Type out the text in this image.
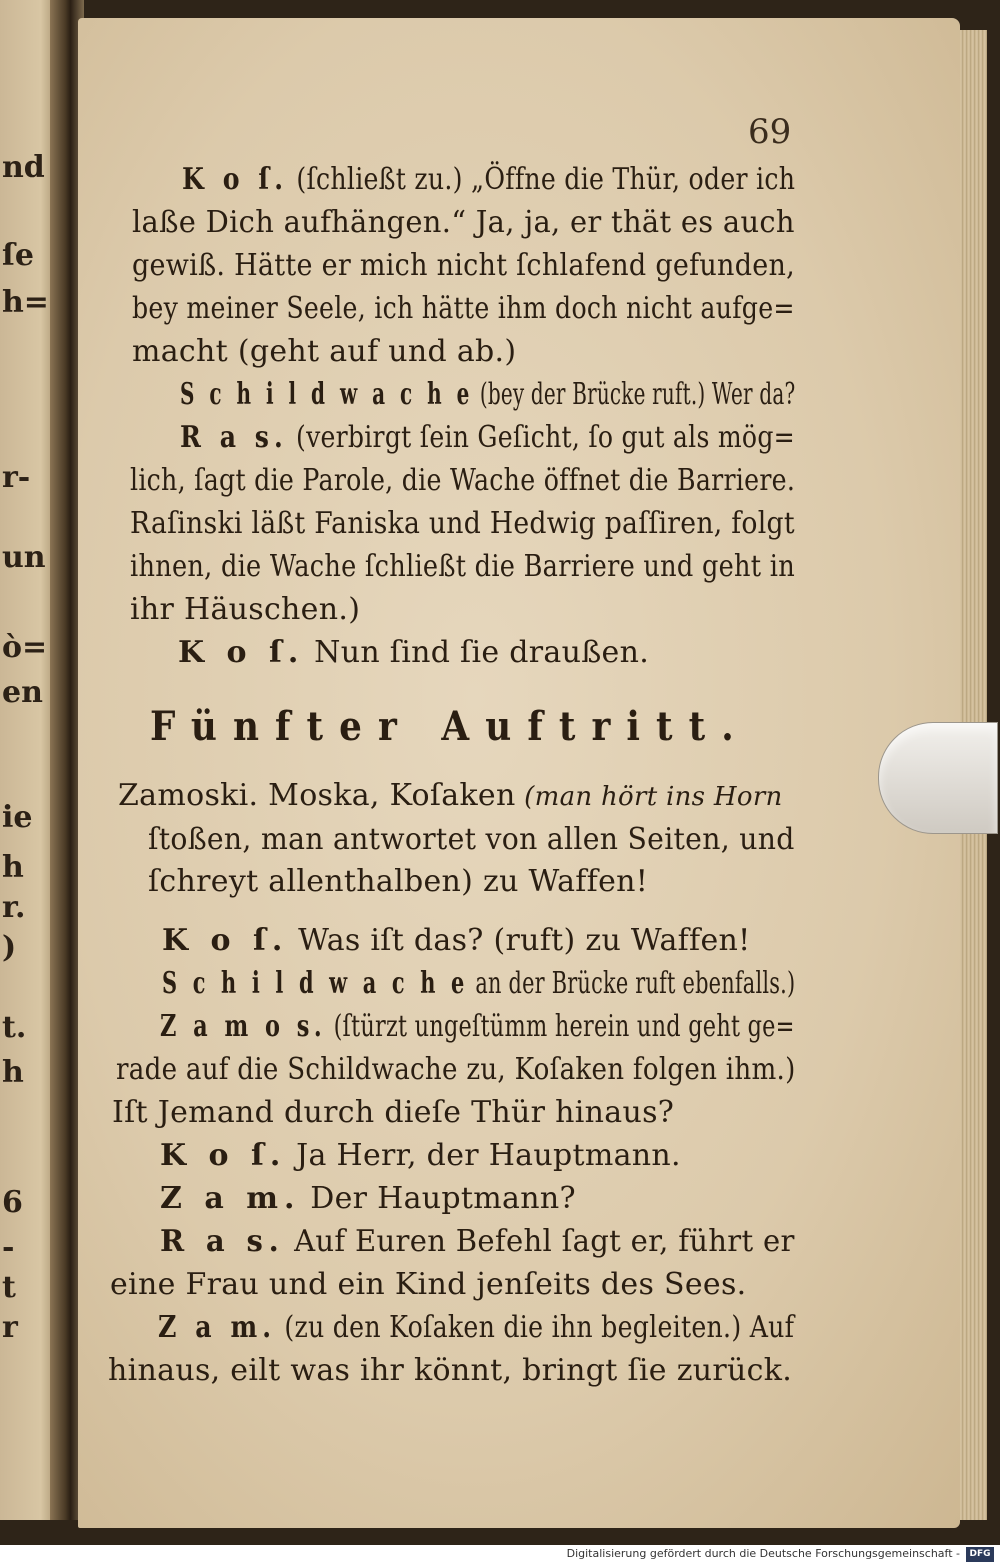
nd
ſe
h=
r-
un
ò=
en
ie
h
r.
)
t.
h
6
-
t
r
69
K o ſ. (ſchließt zu.) „Öffne die Thür, oder ich
laße Dich aufhängen.“ Ja, ja, er thät es auch
gewiß. Hätte er mich nicht ſchlafend gefunden,
bey meiner Seele, ich hätte ihm doch nicht aufge=
macht (geht auf und ab.)
S c h i l d w a c h e (bey der Brücke ruft.) Wer da?
R a s. (verbirgt ſein Geſicht, ſo gut als mög=
lich, ſagt die Parole, die Wache öffnet die Barriere.
Raſinski läßt Faniska und Hedwig paſſiren, folgt
ihnen, die Wache ſchließt die Barriere und geht in
ihr Häuschen.)
K o ſ. Nun ſind ſie draußen.
Fünfter Auftritt.
Zamoski. Moska, Koſaken (man hört ins Horn
ſtoßen, man antwortet von allen Seiten, und
ſchreyt allenthalben) zu Waffen!
K o ſ. Was iſt das? (ruft) zu Waffen!
S c h i l d w a c h e an der Brücke ruft ebenfalls.)
Z a m o s. (ſtürzt ungeſtümm herein und geht ge=
rade auf die Schildwache zu, Koſaken folgen ihm.)
Iſt Jemand durch dieſe Thür hinaus?
K o ſ. Ja Herr, der Hauptmann.
Z a m. Der Hauptmann?
R a s. Auf Euren Befehl ſagt er, führt er
eine Frau und ein Kind jenſeits des Sees.
Z a m. (zu den Koſaken die ihn begleiten.) Auf
hinaus, eilt was ihr könnt, bringt ſie zurück.
Digitalisierung gefördert durch die Deutsche Forschungsgemeinschaft -	DFG
